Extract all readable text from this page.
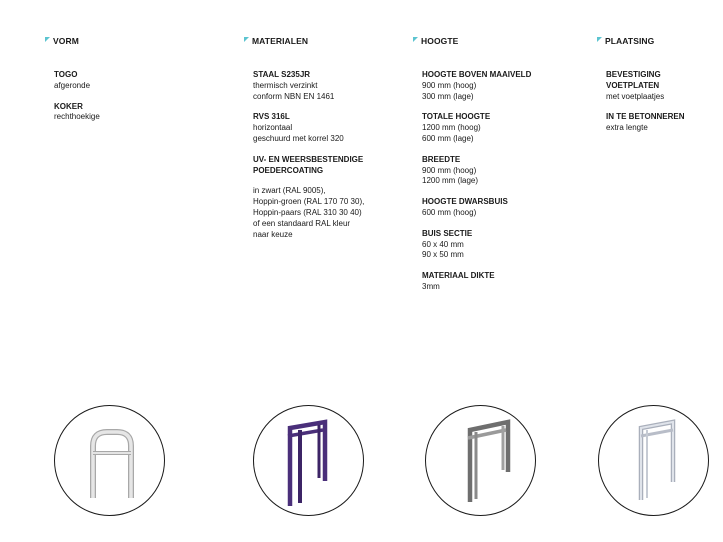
VORM
TOGO
afgeronde
KOKER
rechthoekige
MATERIALEN
STAAL S235JR
thermisch verzinkt
conform NBN EN 1461
RVS 316L
horizontaal
geschuurd met korrel 320
UV- EN WEERSBESTENDIGE
POEDERCOATING
in zwart (RAL 9005),
Hoppin-groen (RAL 170 70 30),
Hoppin-paars (RAL 310 30 40)
of een standaard RAL kleur
naar keuze
HOOGTE
HOOGTE BOVEN MAAIVELD
900 mm (hoog)
300 mm (lage)
TOTALE HOOGTE
1200 mm (hoog)
600 mm (lage)
BREEDTE
900 mm (hoog)
1200 mm (lage)
HOOGTE DWARSBUIS
600 mm (hoog)
BUIS SECTIE
60 x 40 mm
90 x 50 mm
MATERIAAL DIKTE
3mm
PLAATSING
BEVESTIGING
VOETPLATEN
met voetplaatjes
IN TE BETONNEREN
extra lengte
